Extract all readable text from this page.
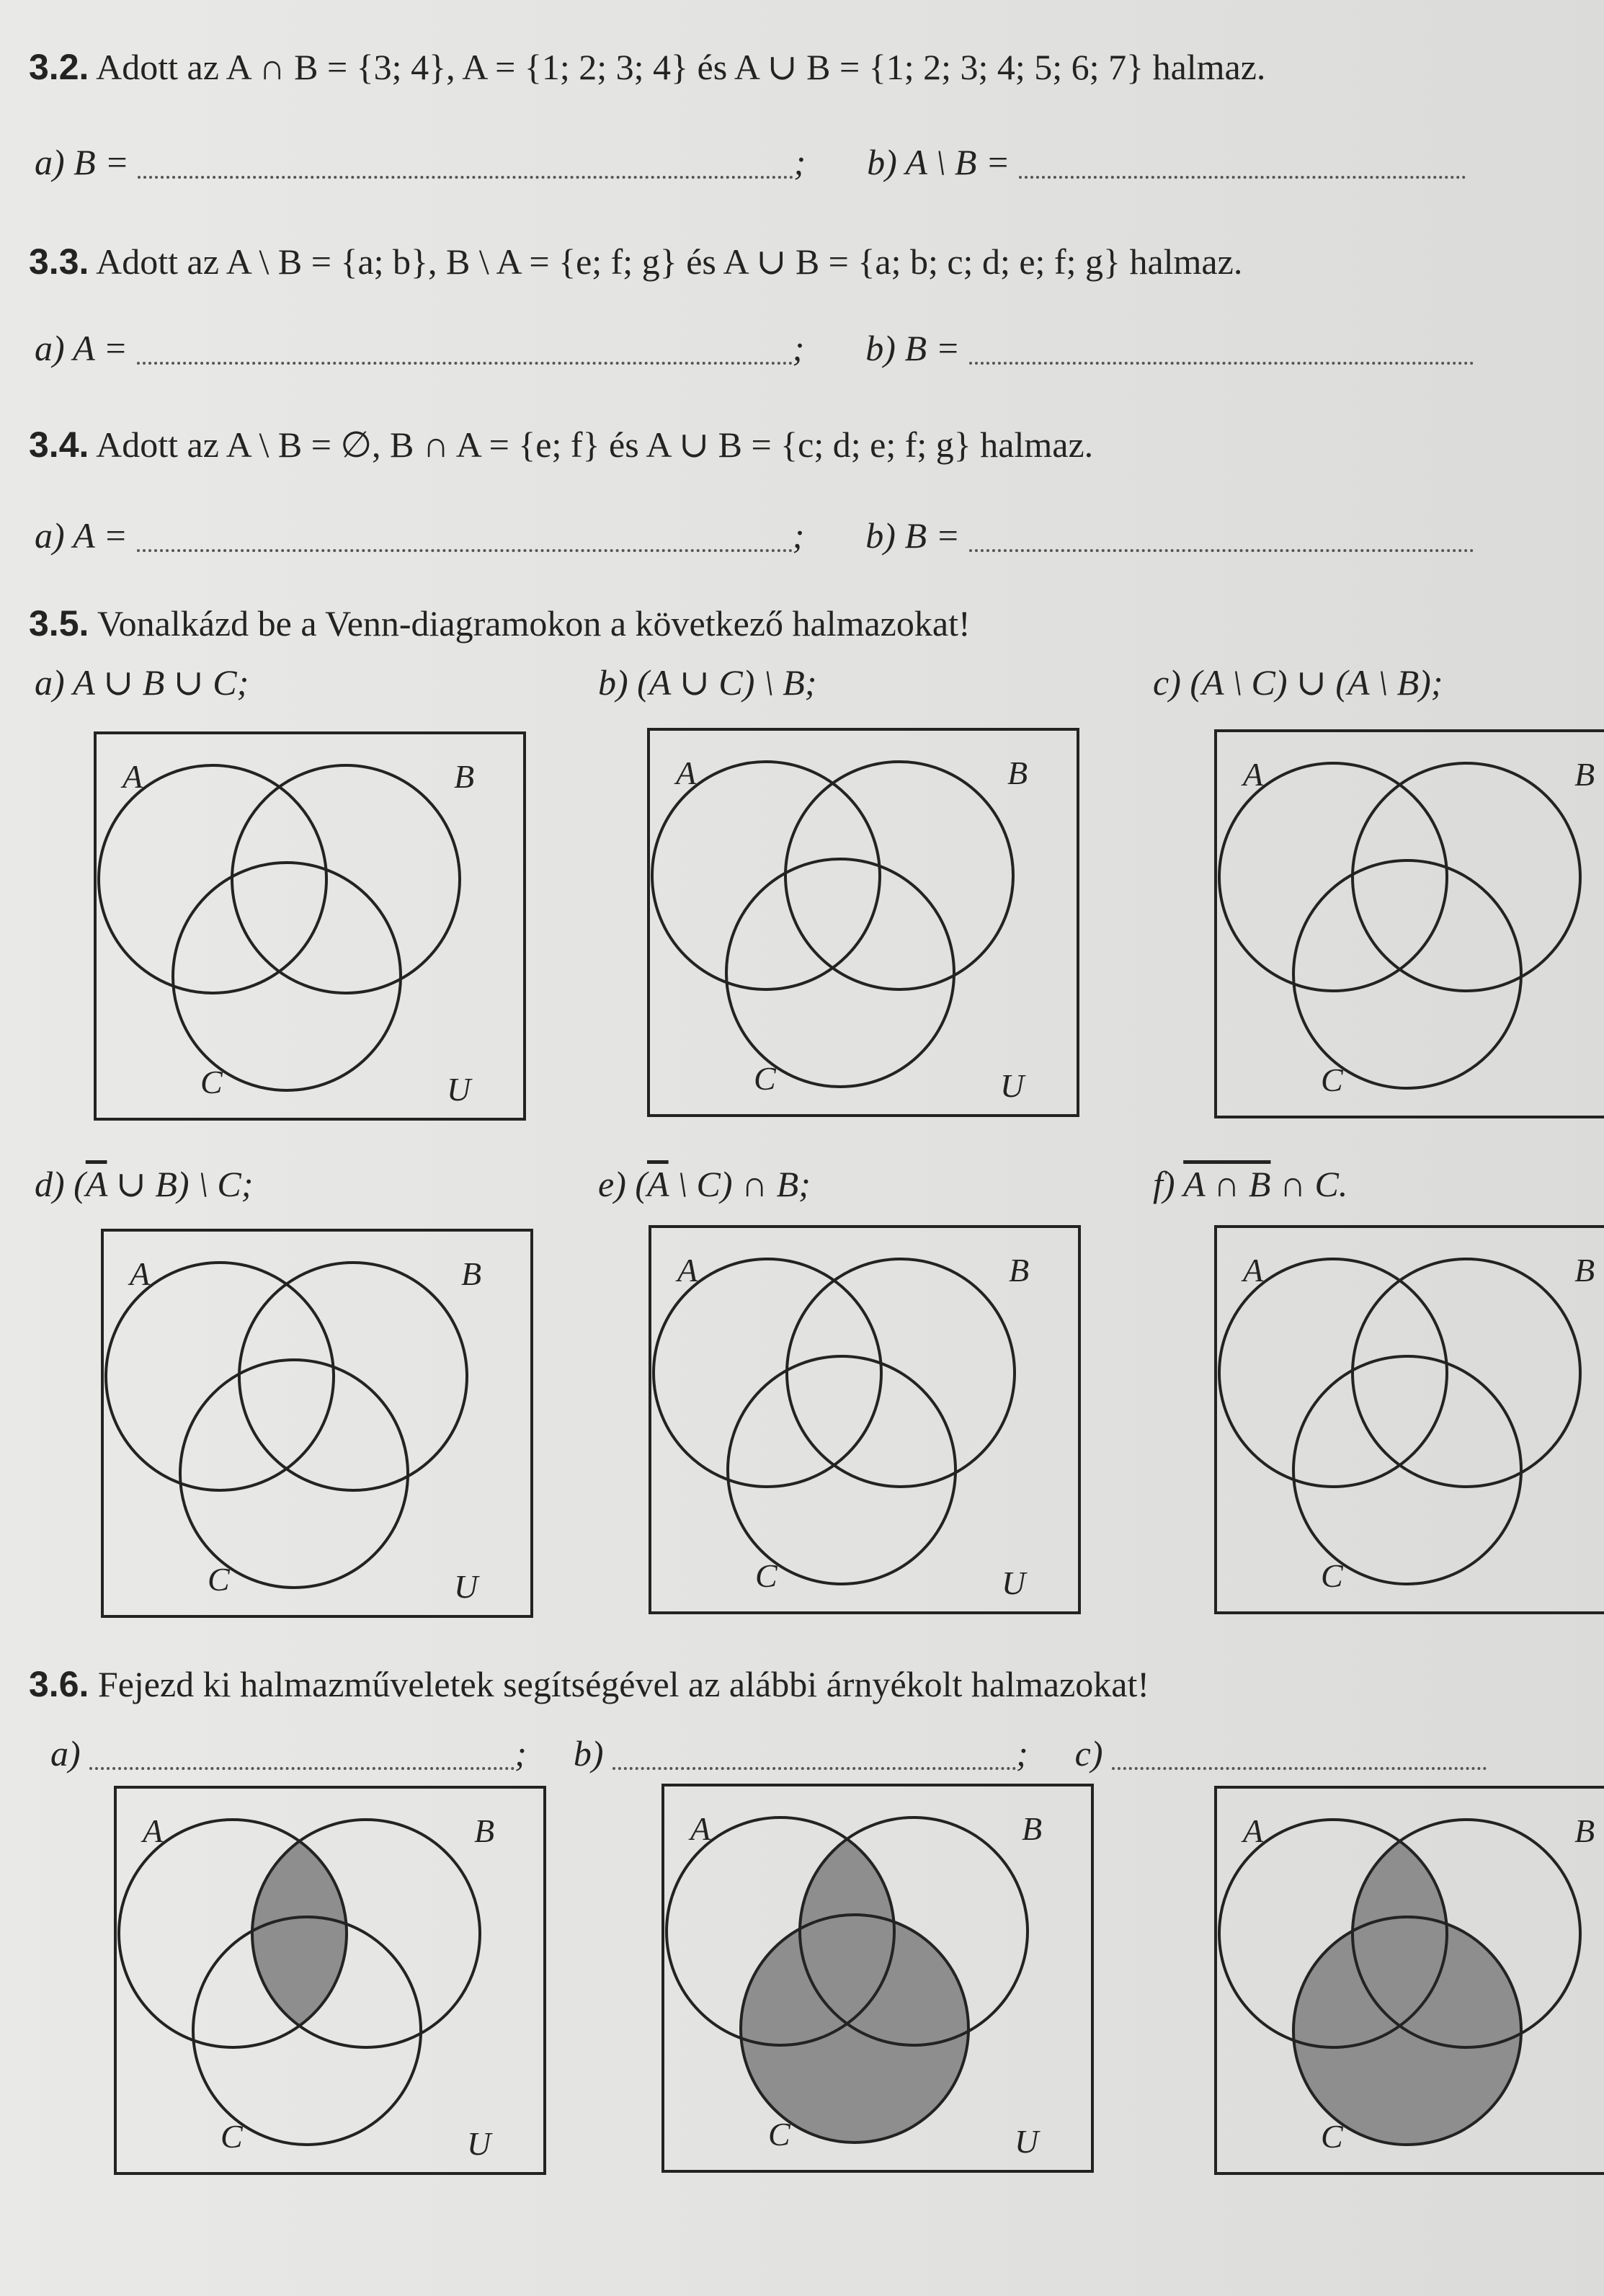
3.2. Adott az A ∩ B = {3; 4}, A = {1; 2; 3; 4} és A ∪ B = {1; 2; 3; 4; 5; 6; 7} halmaz.
a) B =	; b) A \ B =
3.3. Adott az A \ B = {a; b}, B \ A = {e; f; g} és A ∪ B = {a; b; c; d; e; f; g} halmaz.
a) A =	; b) B =
3.4. Adott az A \ B = ∅, B ∩ A = {e; f} és A ∪ B = {c; d; e; f; g} halmaz.
a) A =	; b) B =
3.5. Vonalkázd be a Venn-diagramokon a következő halmazokat!
a) A ∪ B ∪ C;	b) (A ∪ C) \ B;	c) (A \ C) ∪ (A \ B);
d) ($\overline{A}$ ∪ B) \ C;	e) ($\overline{A}$ \ C) ∩ B;	f) A ∩ B ∩ C.
3.6. Fejezd ki halmazműveletek segítségével az alábbi árnyékolt halmazokat!
a)	; b)	; c)
A	B
C	U
A	B
C	U
A	B
C
A	B
C	U
A	B
C	U
A	B
C
A	B
C	U
A	B
C	U
A	B
C
